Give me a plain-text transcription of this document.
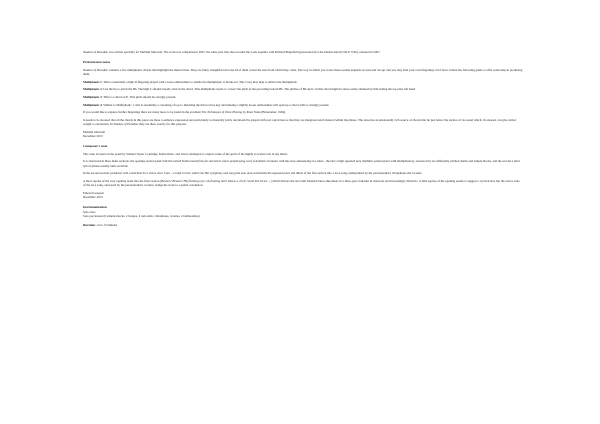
Shadow of Paradise was written specially for Melinda Maxwell. The work was completed in 2007, the same year that she recorded the work together with Richard Benjafield (percussion) for the Dutton label (CDLX 7190), released in 2007.

Performance notes

Shadow of Paradise contains a few multiphonic chords that highlight the musical line. They are fairly straightforward and all of them colour the note from which they come. The way in which you create these sounds depends on reed and 'set-up' and you may find your own fingerings, but I have written the following guide or offer some help in producing them.

Multiphonic 1: This is essentially a high D fingering played with a loose embouchure to enable the multiphonic to break out. The C key may help to deliver the multiphonic.

Multiphonic 2: Use the lip to pinch the Bb. The high C should already exist in the chord. This multiphonic needs to 'colour' the pitch of the preceding bottom Bb. The pitches of Bb and C in this chord might be more easily obtained by half-holing the top plate left hand.

Multiphonic 3: This is a chord on E. This pitch should be strongly present.

Multiphonic 4: Similar to Multiphonic 1, this is essentially a colouring of top G. Relaxing the third octave key and making a slightly looser embouchure will open up a chord with G strongly present.

If you would like to explore further fingerings there are many more to be found in the excellent The Techniques of Oboe Playing by Peter Veale (Bärenreiter, 1994).

It needs to be stressed that all the chords in this piece are there to enhance expression and particularly to musically pitch, and should be played with real conviction so that they are integrated and balanced within the phrase. The oboe has an emotionally rich source of chords that lie just below the surface of its sound which, if released, can give added weight to expression. In Shadow of Paradise they are there exactly for this purpose.

Melinda Maxwell
December 2013
Composer's note

The work is based on the poem by Samuel Taylor Coleridge, Kubla Khan, and I have attempted to capture some of the spirit of his highly evocative text in my music.

It is structured in three main sections: the opening section (And 'mid this tumult Kubla heard from far Ancestral voices prophesying war) is dramatic in nature with the oboe announcing two ideas - the first a high repeated note rhythmic pattern (later with multiphonics), answered by six differently pitched drums and temple blocks, and the second a short lyrical phrase usually built on thirds.

In the second section (A damsel with a dulcimer In a vision once I saw ...Could I revive within me Her symphony and song) the solo oboe transforms the repeated notes and thirds of the first section into a love-song, underpinned by the percussionist's vibraphone and crotales.

A short reprise of the very opening leads into the final section (Beware! Beware! His flashing eyes, his floating hair! Weave a circle round him thrice ...) which mirrors the text with frenzied dance-like music in a three-part, folk-like in character and increasingly climactic. A final reprise of the opening seems to suggest a cyclical end, but the oboe's echo of the love song, answered by the percussionist's crotales, brings the work to a gentle conclusion.

Edward Gregson
December 2013
Instrumentation

Solo oboe

Solo percussion (6 temple-blocks, 2 bongos, 4 tom-toms, vibraphone, crotales, 2 tambourines)

Duration: circa 13 minutes
